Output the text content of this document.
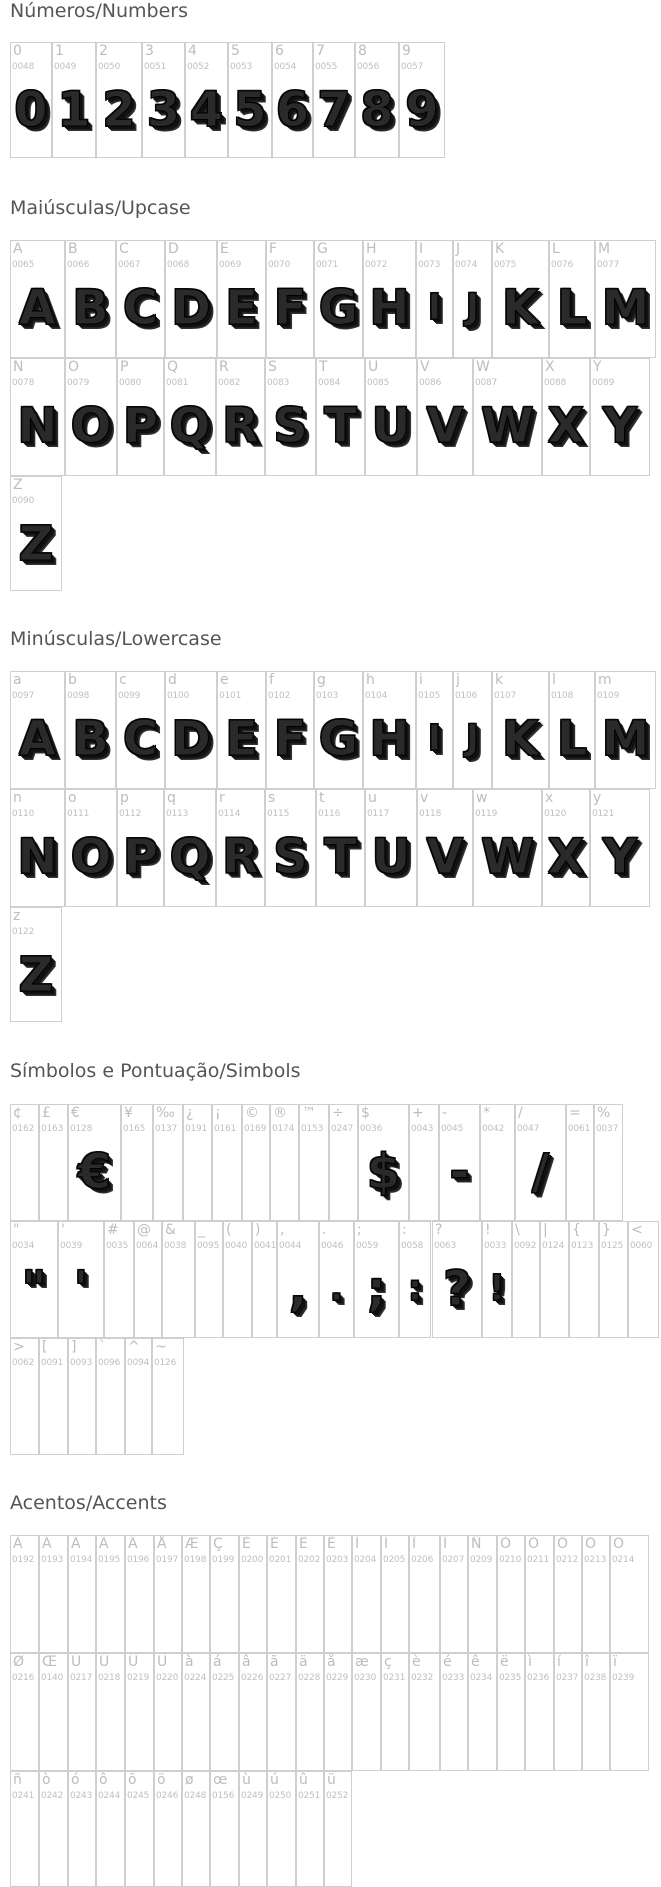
Números/Numbers
0
0048
0
1
0049
1
2
0050
2
3
0051
3
4
0052
4
5
0053
5
6
0054
6
7
0055
7
8
0056
8
9
0057
9
Maiúsculas/Upcase
A
0065
A
B
0066
B
C
0067
C
D
0068
D
E
0069
E
F
0070
F
G
0071
G
H
0072
H
I
0073
I
J
0074
J
K
0075
K
L
0076
L
M
0077
M
N
0078
N
O
0079
O
P
0080
P
Q
0081
Q
R
0082
R
S
0083
S
T
0084
T
U
0085
U
V
0086
V
W
0087
W
X
0088
X
Y
0089
Y
Z
0090
Z
Minúsculas/Lowercase
a
0097
A
b
0098
B
c
0099
C
d
0100
D
e
0101
E
f
0102
F
g
0103
G
h
0104
H
i
0105
I
j
0106
J
k
0107
K
l
0108
L
m
0109
M
n
0110
N
o
0111
O
p
0112
P
q
0113
Q
r
0114
R
s
0115
S
t
0116
T
u
0117
U
v
0118
V
w
0119
W
x
0120
X
y
0121
Y
z
0122
Z
Símbolos e Pontuação/Simbols
¢
0162
£
0163
€
0128
€
¥
0165
‰
0137
¿
0191
¡
0161
©
0169
®
0174
™
0153
÷
0247
$
0036
$
+
0043
-
0045
-
*
0042
/
0047
/
=
0061
%
0037
"
0034
"
'
0039
'
#
0035
@
0064
&
0038
_
0095
(
0040
)
0041
,
0044
,
.
0046
.
;
0059
;
:
0058
:
?
0063
?
!
0033
!
\
0092
|
0124
{
0123
}
0125
<
0060
>
0062
[
0091
]
0093
`
0096
^
0094
~
0126
Acentos/Accents
À
0192
Á
0193
Â
0194
Ã
0195
Ä
0196
Å
0197
Æ
0198
Ç
0199
È
0200
É
0201
Ê
0202
Ë
0203
Ì
0204
Í
0205
Î
0206
Ï
0207
Ñ
0209
Ò
0210
Ó
0211
Ô
0212
Õ
0213
Ö
0214
Ø
0216
Œ
0140
Ù
0217
Ú
0218
Û
0219
Ü
0220
à
0224
á
0225
â
0226
ã
0227
ä
0228
å
0229
æ
0230
ç
0231
è
0232
é
0233
ê
0234
ë
0235
ì
0236
í
0237
î
0238
ï
0239
ñ
0241
ò
0242
ó
0243
ô
0244
õ
0245
ö
0246
ø
0248
œ
0156
ù
0249
ú
0250
û
0251
ü
0252
